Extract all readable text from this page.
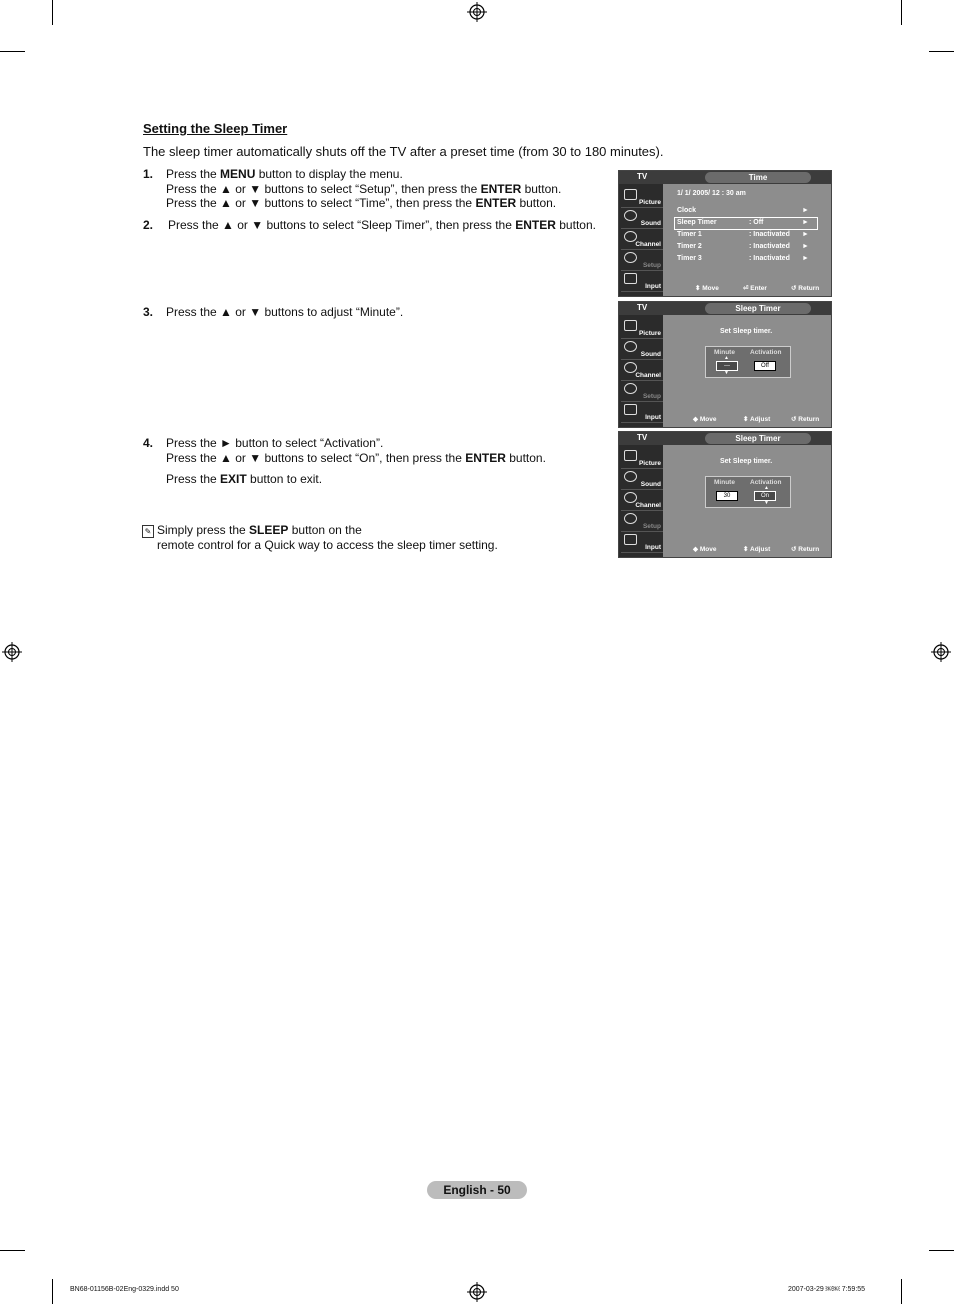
Setting the Sleep Timer
The sleep timer automatically shuts off the TV after a preset time (from 30 to 180 minutes).
1. Press the MENU button to display the menu.
Press the ▲ or ▼ buttons to select “Setup”, then press the ENTER button.
Press the ▲ or ▼ buttons to select “Time”, then press the ENTER button.
2. Press the ▲ or ▼ buttons to select “Sleep Timer”, then press the ENTER button.
3. Press the ▲ or ▼ buttons to adjust “Minute”.
4. Press the ► button to select “Activation”.
Press the ▲ or ▼ buttons to select “On”, then press the ENTER button.
Press the EXIT button to exit.
✎ Simply press the SLEEP button on the
remote control for a Quick way to access the sleep timer setting.
TV	Time
Picture
Sound
Channel
Setup
Input
1/ 1/ 2005/ 12 : 30 am
Clock	►
Sleep Timer	: Off	►
Timer 1	: Inactivated ►
Timer 2	: Inactivated ►
Timer 3	: Inactivated ►
⬍ Move	⏎ Enter	↺ Return
TV	Sleep Timer
Picture
Sound
Channel
Setup
Input
Set Sleep timer.
Minute Activation
▲
---
▼
Off
◆ Move	⬍ Adjust	↺ Return
TV	Sleep Timer
Picture
Sound
Channel
Setup
Input
Set Sleep timer.
Minute Activation
30
▲
On
▼
◆ Move	⬍ Adjust	↺ Return
English - 50
BN68-01156B-02Eng-0329.indd 50	2007-03-29 ￼￼ 7:59:55
